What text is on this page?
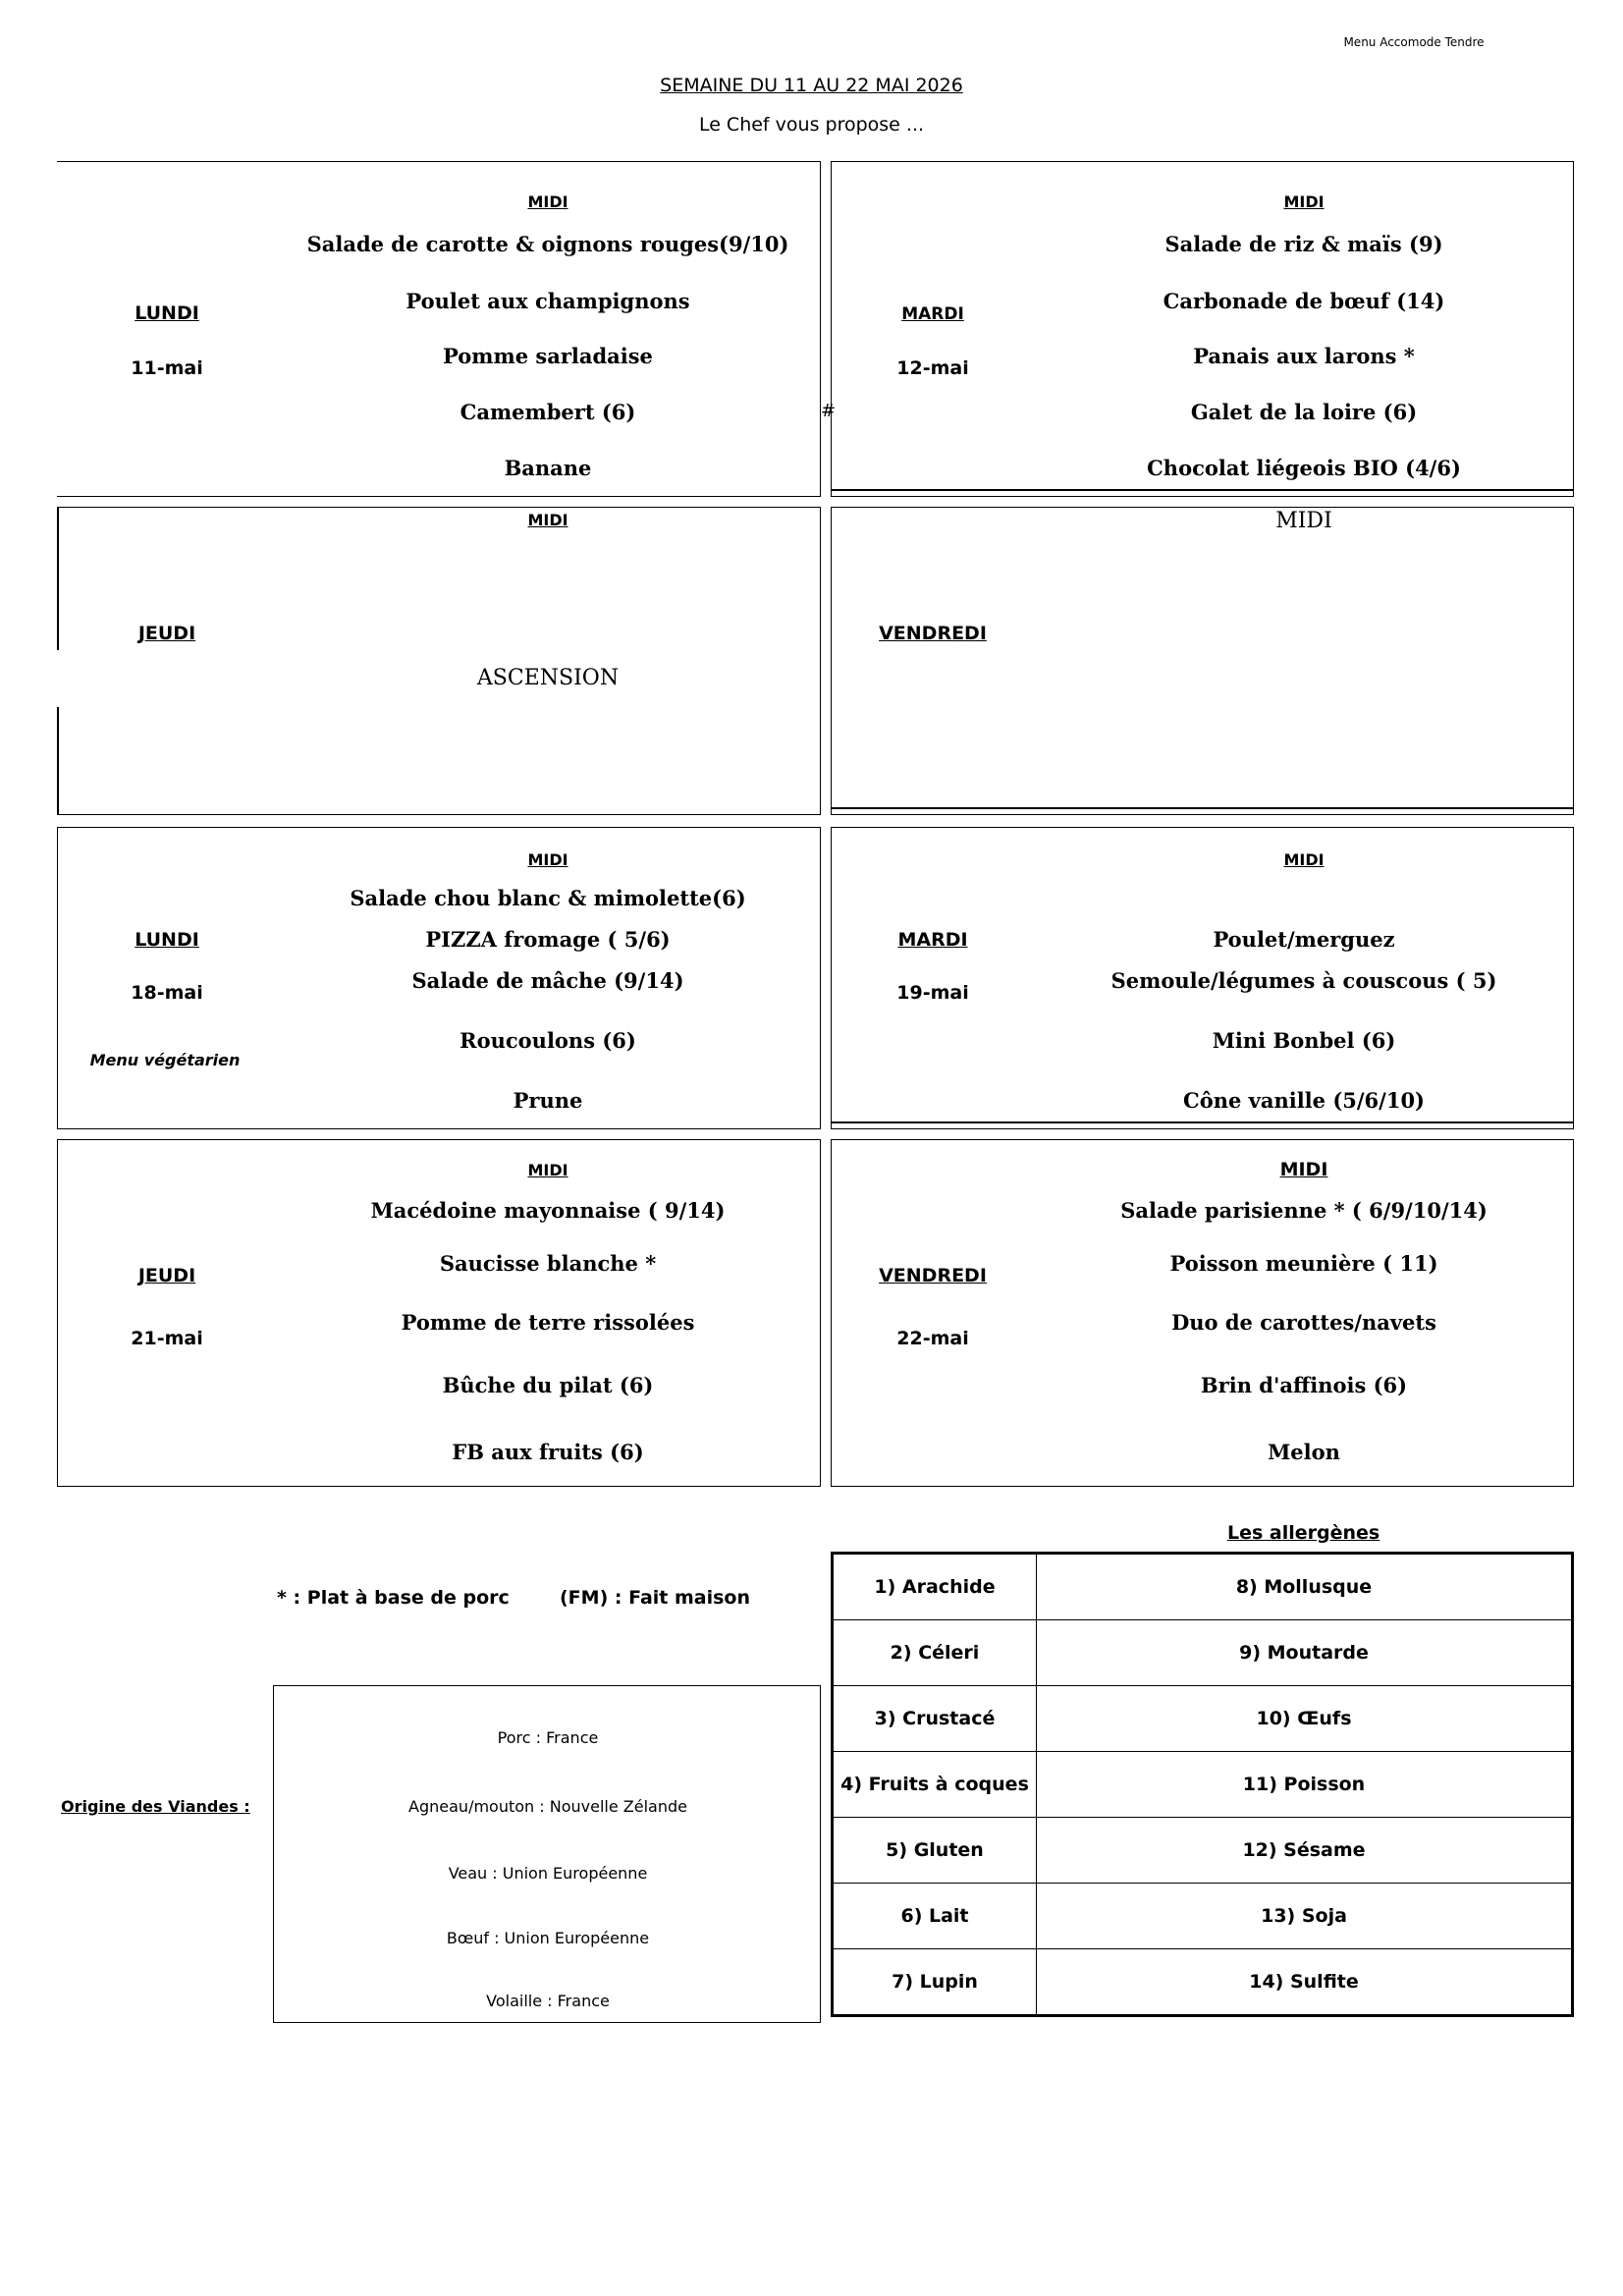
Menu Accomode Tendre
SEMAINE DU 11 AU 22 MAI 2026
Le Chef vous propose ...
LUNDI
11-mai
MIDI
Salade de carotte & oignons rouges(9/10)
Poulet aux champignons
Pomme sarladaise
Camembert (6)
Banane
MARDI
12-mai
MIDI
Salade de riz & maïs (9)
Carbonade de bœuf (14)
Panais aux larons *
Galet de la loire (6)
Chocolat liégeois BIO (4/6)
#
JEUDI
MIDI
ASCENSION
VENDREDI
MIDI
LUNDI
18-mai
Menu végétarien
MIDI
Salade chou blanc & mimolette(6)
PIZZA fromage ( 5/6)
Salade de mâche (9/14)
Roucoulons (6)
Prune
MARDI
19-mai
MIDI
Poulet/merguez
Semoule/légumes à couscous ( 5)
Mini Bonbel (6)
Cône vanille (5/6/10)
JEUDI
21-mai
MIDI
Macédoine mayonnaise ( 9/14)
Saucisse blanche *
Pomme de terre rissolées
Bûche du pilat (6)
FB aux fruits (6)
VENDREDI
22-mai
MIDI
Salade parisienne * ( 6/9/10/14)
Poisson meunière ( 11)
Duo de carottes/navets
Brin d'affinois (6)
Melon
* : Plat à base de porc	(FM) : Fait maison
Origine des Viandes :
Porc : France
Agneau/mouton : Nouvelle Zélande
Veau : Union Européenne
Bœuf : Union Européenne
Volaille : France
Les allergènes
1) Arachide	8) Mollusque
2) Céleri	9) Moutarde
3) Crustacé	10) Œufs
4) Fruits à coques	11) Poisson
5) Gluten	12) Sésame
6) Lait	13) Soja
7) Lupin	14) Sulfite
